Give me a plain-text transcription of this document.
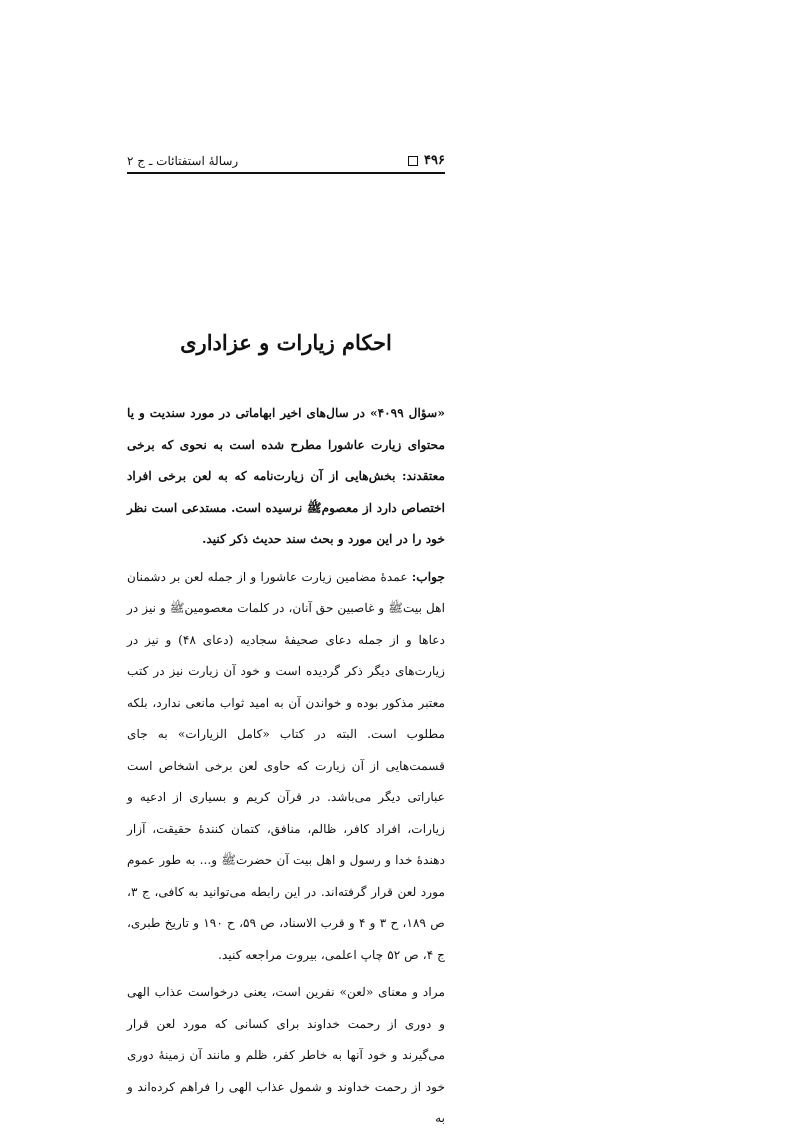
۴۹۶
رسالهٔ استفتائات ـ ج ۲
احکام زیارات و عزاداری

«سؤال ۴۰۹۹» در سال‌های اخیر ابهاماتی در مورد سندیت و یا محتوای زیارت عاشورا مطرح شده است به نحوی که برخی معتقدند: بخش‌هایی از آن زیارت‌نامه که به لعن برخی افراد اختصاص دارد از معصوم‌ﷺ نرسیده است. مستدعی است نظر خود را در این مورد و بحث سند حدیث ذکر کنید.

جواب: عمدهٔ مضامین زیارت عاشورا و از جمله لعن بر دشمنان اهل بیت‌ﷺ و غاصبین حق آنان، در کلمات معصومین‌ﷺ و نیز در دعاها و از جمله دعای صحیفهٔ سجادیه (دعای ۴۸) و نیز در زیارت‌های دیگر ذکر گردیده است و خود آن زیارت نیز در کتب معتبر مذکور بوده و خواندن آن به امید ثواب مانعی ندارد، بلکه مطلوب است. البته در کتاب «کامل الزیارات» به جای قسمت‌هایی از آن زیارت که حاوی لعن برخی اشخاص است عباراتی دیگر می‌باشد. در قرآن کریم و بسیاری از ادعیه و زیارات، افراد کافر، ظالم، منافق، کتمان کنندهٔ حقیقت، آزار دهندهٔ خدا و رسول و اهل بیت آن حضرت‌ﷺ و... به طور عموم مورد لعن قرار گرفته‌اند. در این رابطه می‌توانید به کافی، ج ۳، ص ۱۸۹، ح ۳ و ۴ و قرب الاسناد، ص ۵۹، ح ۱۹۰ و تاریخ طبری، ج ۴، ص ۵۲ چاپ اعلمی، بیروت مراجعه کنید.

مراد و معنای «لعن» نفرین است، یعنی درخواست عذاب الهی و دوری از رحمت خداوند برای کسانی که مورد لعن قرار می‌گیرند و خود آنها به خاطر کفر، ظلم و مانند آن زمینهٔ دوری خود از رحمت خداوند و شمول عذاب الهی را فراهم کرده‌اند و به
